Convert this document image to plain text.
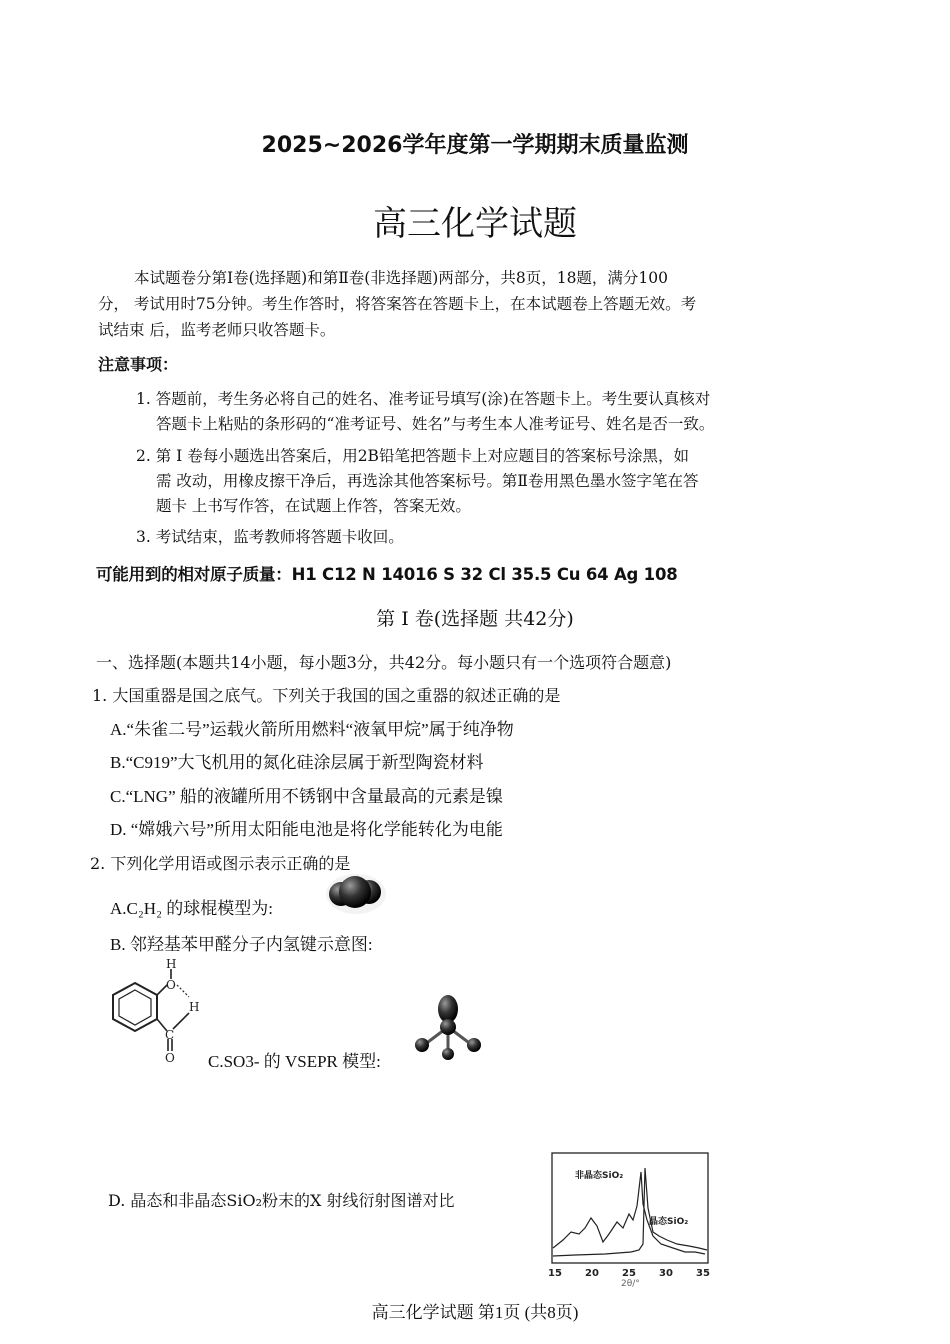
2025~2026学年度第一学期期末质量监测
高三化学试题
本试题卷分第Ⅰ卷(选择题)和第Ⅱ卷(非选择题)两部分，共8页，18题，满分100
分， 考试用时75分钟。考生作答时，将答案答在答题卡上，在本试题卷上答题无效。考
试结束 后，监考老师只收答题卡。
注意事项：
1. 答题前，考生务必将自己的姓名、准考证号填写(涂)在答题卡上。考生要认真核对
答题卡上粘贴的条形码的“准考证号、姓名”与考生本人准考证号、姓名是否一致。
2. 第 Ⅰ 卷每小题选出答案后，用2B铅笔把答题卡上对应题目的答案标号涂黑，如
需 改动，用橡皮擦干净后，再选涂其他答案标号。第Ⅱ卷用黑色墨水签字笔在答
题卡 上书写作答，在试题上作答，答案无效。
3. 考试结束，监考教师将答题卡收回。
可能用到的相对原子质量：H1 C12 N 14016 S 32 Cl 35.5 Cu 64 Ag 108
第 Ⅰ 卷(选择题 共42分)
一、选择题(本题共14小题，每小题3分，共42分。每小题只有一个选项符合题意)
1. 大国重器是国之底气。下列关于我国的国之重器的叙述正确的是
A.“朱雀二号”运载火箭所用燃料“液氧甲烷”属于纯净物
B.“C919”大飞机用的氮化硅涂层属于新型陶瓷材料
C.“LNG” 船的液罐所用不锈钢中含量最高的元素是镍
D. “嫦娥六号”所用太阳能电池是将化学能转化为电能
2. 下列化学用语或图示表示正确的是
A.C₂H₂ 的球棍模型为:
B. 邻羟基苯甲醛分子内氢键示意图:
H
O
H
C
O C.SO3- 的 VSEPR 模型:
D. 晶态和非晶态SiO₂粉末的X 射线衍射图谱对比
非晶态SiO₂
晶态SiO₂
15 20 25 30 35
2θ/°
高三化学试题 第1页 (共8页)
